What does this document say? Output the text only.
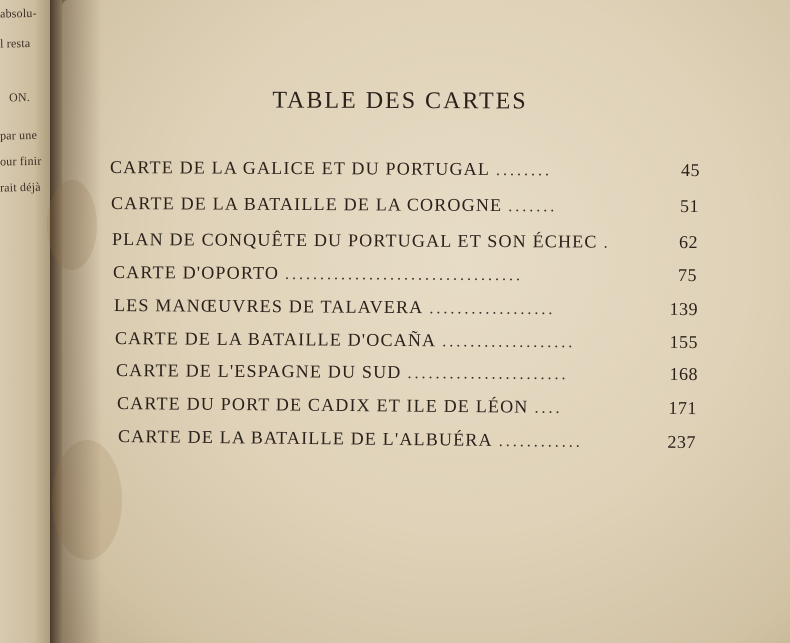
absolu-
l resta
ON.
par une
our finir
rait déjà
TABLE DES CARTES
CARTE DE LA GALICE ET DU PORTUGAL ........	45
CARTE DE LA BATAILLE DE LA COROGNE .......	51
PLAN DE CONQUÊTE DU PORTUGAL ET SON ÉCHEC .	62
CARTE D'OPORTO ..................................	75
LES MANŒUVRES DE TALAVERA ..................	139
CARTE DE LA BATAILLE D'OCAÑA ...................	155
CARTE DE L'ESPAGNE DU SUD .......................	168
CARTE DU PORT DE CADIX ET ILE DE LÉON ....	171
CARTE DE LA BATAILLE DE L'ALBUÉRA ............	237
